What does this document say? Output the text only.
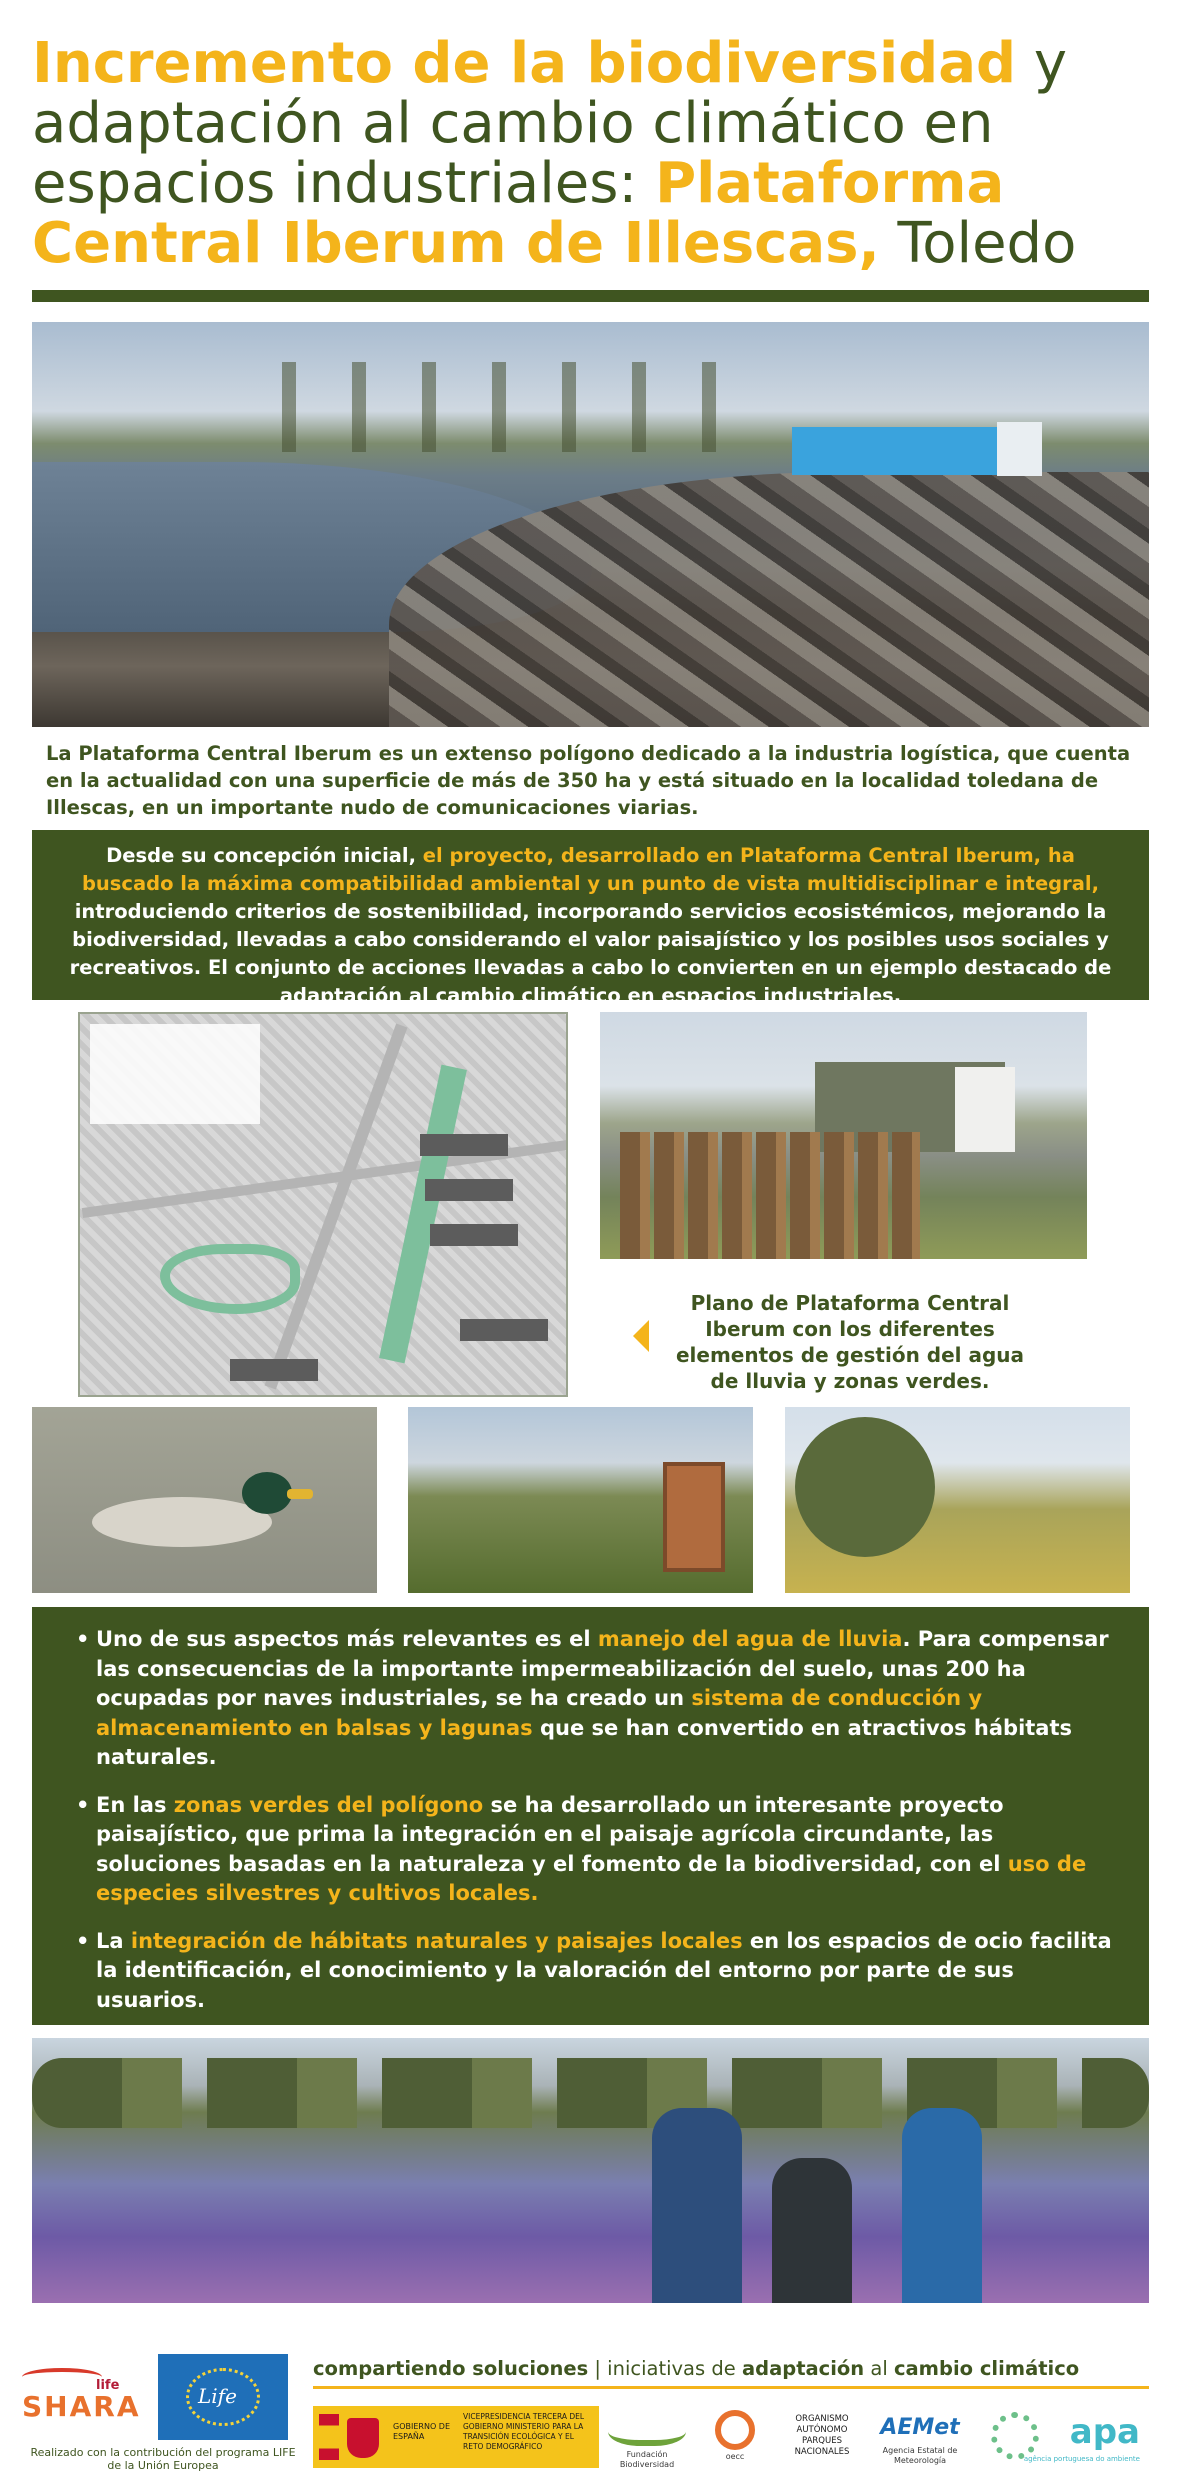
Incremento de la biodiversidad y adaptación al cambio climático en espacios industriales: Plataforma Central Iberum de Illescas, Toledo

La Plataforma Central Iberum es un extenso polígono dedicado a la industria logística, que cuenta en la actualidad con una superficie de más de 350 ha y está situado en la localidad toledana de Illescas, en un importante nudo de comunicaciones viarias.

Desde su concepción inicial, el proyecto, desarrollado en Plataforma Central Iberum, ha buscado la máxima compatibilidad ambiental y un punto de vista multidisciplinar e integral, introduciendo criterios de sostenibilidad, incorporando servicios ecosistémicos, mejorando la biodiversidad, llevadas a cabo considerando el valor paisajístico y los posibles usos sociales y recreativos. El conjunto de acciones llevadas a cabo lo convierten en un ejemplo destacado de adaptación al cambio climático en espacios industriales.

Plano de Plataforma Central Iberum con los diferentes elementos de gestión del agua de lluvia y zonas verdes.

• Uno de sus aspectos más relevantes es el manejo del agua de lluvia. Para compensar las consecuencias de la importante impermeabilización del suelo, unas 200 ha ocupadas por naves industriales, se ha creado un sistema de conducción y almacenamiento en balsas y lagunas que se han convertido en atractivos hábitats naturales.
• En las zonas verdes del polígono se ha desarrollado un interesante proyecto paisajístico, que prima la integración en el paisaje agrícola circundante, las soluciones basadas en la naturaleza y el fomento de la biodiversidad, con el uso de especies silvestres y cultivos locales.
• La integración de hábitats naturales y paisajes locales en los espacios de ocio facilita la identificación, el conocimiento y la valoración del entorno por parte de sus usuarios.
life
SHARA	Life

Realizado con la contribución del programa LIFE de la Unión Europea

compartiendo soluciones | iniciativas de adaptación al cambio climático
GOBIERNO DE ESPAÑA
VICEPRESIDENCIA TERCERA DEL GOBIERNO MINISTERIO PARA LA TRANSICIÓN ECOLÓGICA Y EL RETO DEMOGRÁFICO
Fundación Biodiversidad
oecc
ORGANISMO AUTÓNOMO PARQUES NACIONALES
AEMet
Agencia Estatal de Meteorología
apa
agência portuguesa do ambiente
